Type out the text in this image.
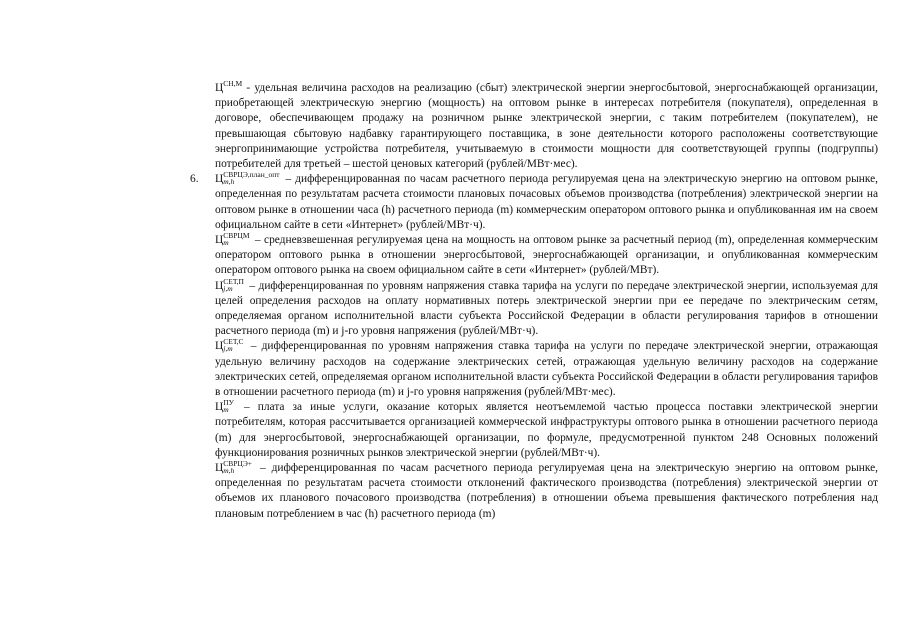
$Ц^{СН,М}$ - удельная величина расходов на реализацию (сбыт) электрической энергии энергосбытовой, энергоснабжающей организации, приобретающей электрическую энергию (мощность) на оптовом рынке в интересах потребителя (покупателя), определенная в договоре, обеспечивающем продажу на розничном рынке электрической энергии, с таким потребителем (покупателем), не превышающая сбытовую надбавку гарантирующего поставщика, в зоне деятельности которого расположены соответствующие энергопринимающие устройства потребителя, учитываемую в стоимости мощности для соответствующей группы (подгруппы) потребителей для третьей – шестой ценовых категорий (рублей/МВт·мес).

6. Ц СВРЦЭ,план_опт
m,h	– дифференцированная по часам расчетного периода регулируемая цена на электрическую энергию на оптовом рынке, определенная по результатам расчета стоимости плановых почасовых объемов производства (потребления) электрической энергии на оптовом рынке в отношении часа (h) расчетного периода (m) коммерческим оператором оптового рынка и опубликованная им на своем официальном сайте в сети «Интернет» (рублей/МВт·ч).

Ц СВРЦМ
m	– средневзвешенная регулируемая цена на мощность на оптовом рынке за расчетный период (m), определенная коммерческим оператором оптового рынка в отношении энергосбытовой, энергоснабжающей организации, и опубликованная коммерческим оператором оптового рынка на своем официальном сайте в сети «Интернет» (рублей/МВт).

Ц СЕТ,П
j,m	– дифференцированная по уровням напряжения ставка тарифа на услуги по передаче электрической энергии, используемая для целей определения расходов на оплату нормативных потерь электрической энергии при ее передаче по электрическим сетям, определяемая органом исполнительной власти субъекта Российской Федерации в области регулирования тарифов в отношении расчетного периода (m) и j-го уровня напряжения (рублей/МВт·ч).

Ц СЕТ,С
j,m	– дифференцированная по уровням напряжения ставка тарифа на услуги по передаче электрической энергии, отражающая удельную величину расходов на содержание электрических сетей, отражающая удельную величину расходов на содержание электрических сетей, определяемая органом исполнительной власти субъекта Российской Федерации в области регулирования тарифов в отношении расчетного периода (m) и j-го уровня напряжения (рублей/МВт·мес).

Ц ПУ
m – плата за иные услуги, оказание которых является неотъемлемой частью процесса поставки электрической энергии потребителям, которая рассчитывается организацией коммерческой инфраструктуры оптового рынка в отношении расчетного периода (m) для энергосбытовой, энергоснабжающей организации, по формуле, предусмотренной пунктом 248 Основных положений функционирования розничных рынков электрической энергии (рублей/МВт·ч).

Ц СВРЦЭ+
m,h	– дифференцированная по часам расчетного периода регулируемая цена на электрическую энергию на оптовом рынке, определенная по результатам расчета стоимости отклонений фактического производства (потребления) электрической энергии от объемов их планового почасового производства (потребления) в отношении объема превышения фактического потребления над плановым потреблением в час (h) расчетного периода (m)
